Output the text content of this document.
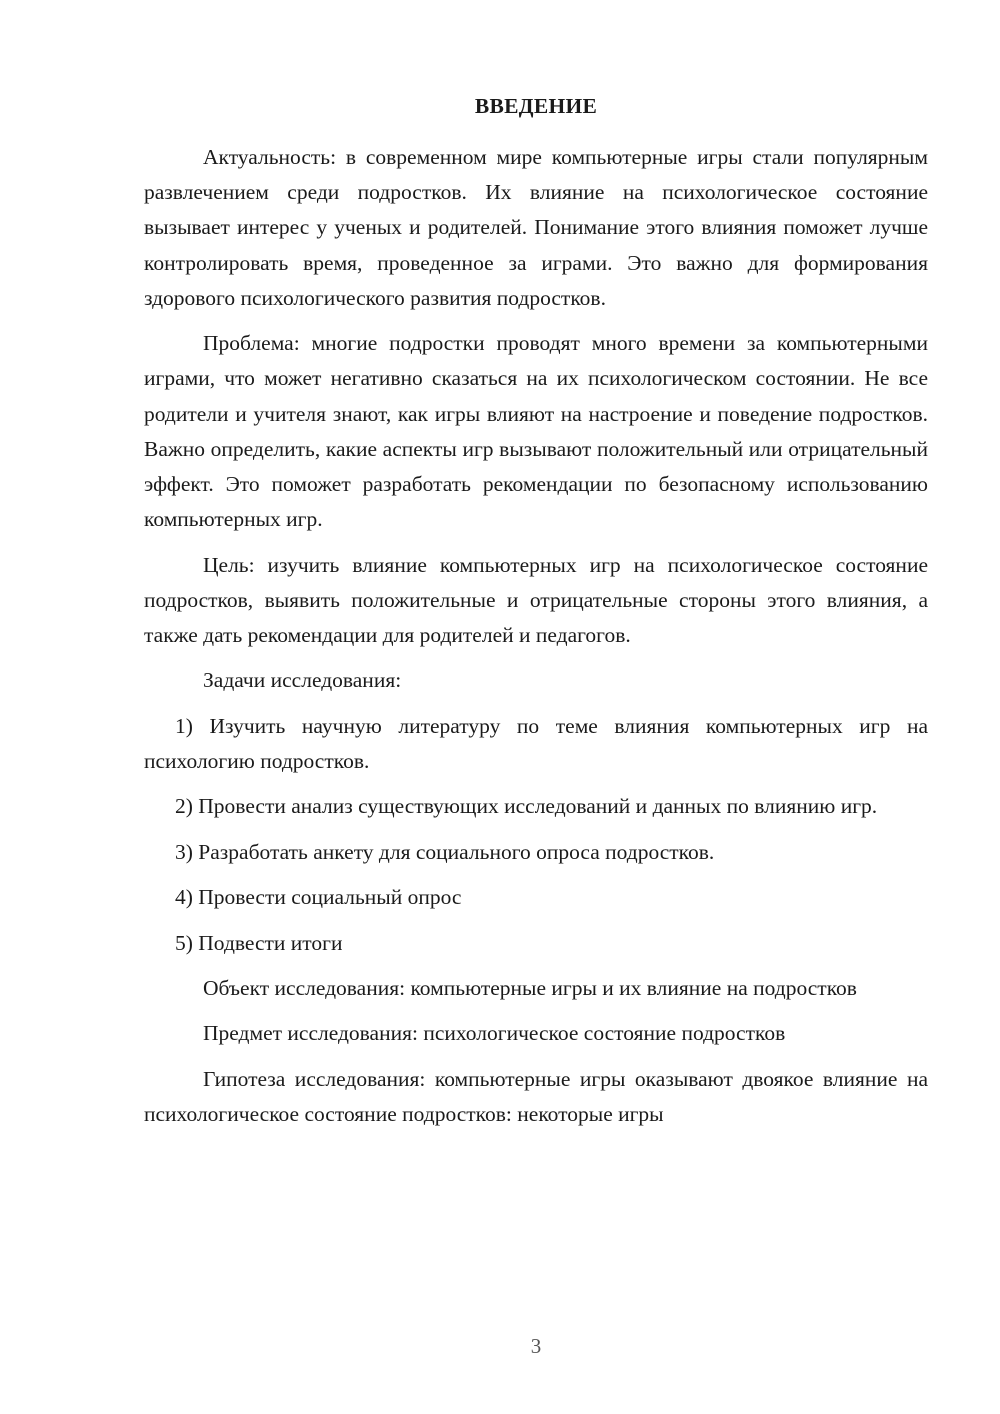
ВВЕДЕНИЕ

Актуальность: в современном мире компьютерные игры стали популярным развлечением среди подростков. Их влияние на психологическое состояние вызывает интерес у ученых и родителей. Понимание этого влияния поможет лучше контролировать время, проведенное за играми. Это важно для формирования здорового психологического развития подростков.

Проблема: многие подростки проводят много времени за компьютерными играми, что может негативно сказаться на их психологическом состоянии. Не все родители и учителя знают, как игры влияют на настроение и поведение подростков. Важно определить, какие аспекты игр вызывают положительный или отрицательный эффект. Это поможет разработать рекомендации по безопасному использованию компьютерных игр.

Цель: изучить влияние компьютерных игр на психологическое состояние подростков, выявить положительные и отрицательные стороны этого влияния, а также дать рекомендации для родителей и педагогов.

Задачи исследования:

1) Изучить научную литературу по теме влияния компьютерных игр на психологию подростков.

2) Провести анализ существующих исследований и данных по влиянию игр.

3) Разработать анкету для социального опроса подростков.

4) Провести социальный опрос

5) Подвести итоги

Объект исследования: компьютерные игры и их влияние на подростков

Предмет исследования: психологическое состояние подростков

Гипотеза исследования: компьютерные игры оказывают двоякое влияние на психологическое состояние подростков: некоторые игры

3
